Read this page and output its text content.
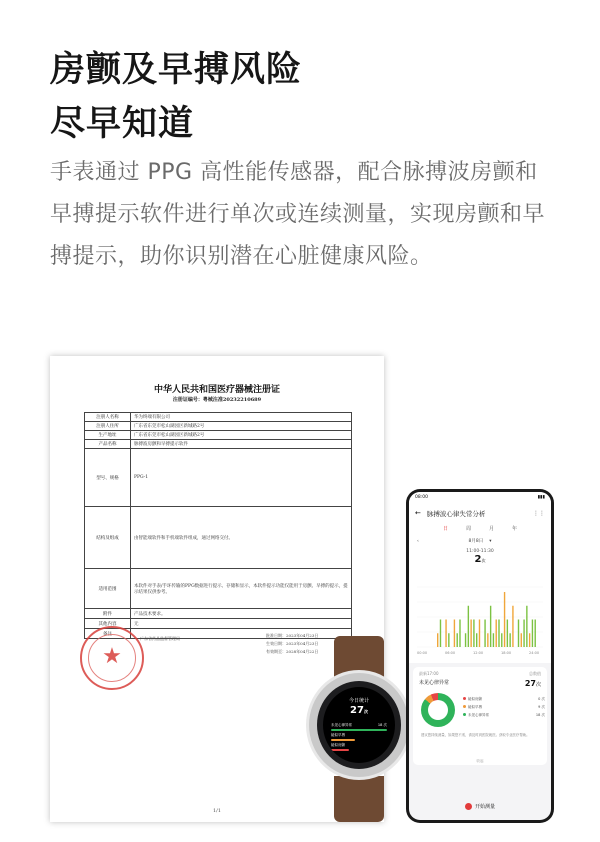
房颤及早搏风险
尽早知道
手表通过 PPG 高性能传感器，配合脉搏波房颤和早搏提示软件进行单次或连续测量，实现房颤和早搏提示，助你识别潜在心脏健康风险。
中华人民共和国医疗器械注册证
注册证编号：粤械注准20232210689
注册人名称	华为终端有限公司
注册人住所	广东省东莞市松山湖园区新城路2号
生产地址	广东省东莞市松山湖园区新城路2号
产品名称	脉搏波房颤和早搏提示软件
型号、规格	PPG-1
结构及组成	由智能端软件和手机端软件组成，通过网络交付。
适用范围	本软件对手表/手环传输的PPG数据进行提示、存储和显示，本软件提示功能仅能用于房颤、早搏的提示，提示结果仅供参考。
附件	产品技术要求。
其他内容	无
备注	
★
广东省药品监督管理局
批准日期：2023年04月23日
生效日期：2023年04月23日
有效期至：2028年04月22日
1/1
今日统计
27次
未见心律异常	18 次
疑似早搏
疑似房颤
08:00	▮▮▮
← 脉搏波心律失常分析	⋮⋮
日	周	月	年
‹	8月8日 ▾
11:00-11:30
2次
00:00	06:00	12:00	18:00	24:00
最新17:00	总数值
未见心律异常	27次
疑似房颤	0 次
疑似早搏	9 次
未见心律异常	18 次
建议您持续测量，如果您不适，请及时到医院就医。获取专业医疗帮助。
收起
开始测量
